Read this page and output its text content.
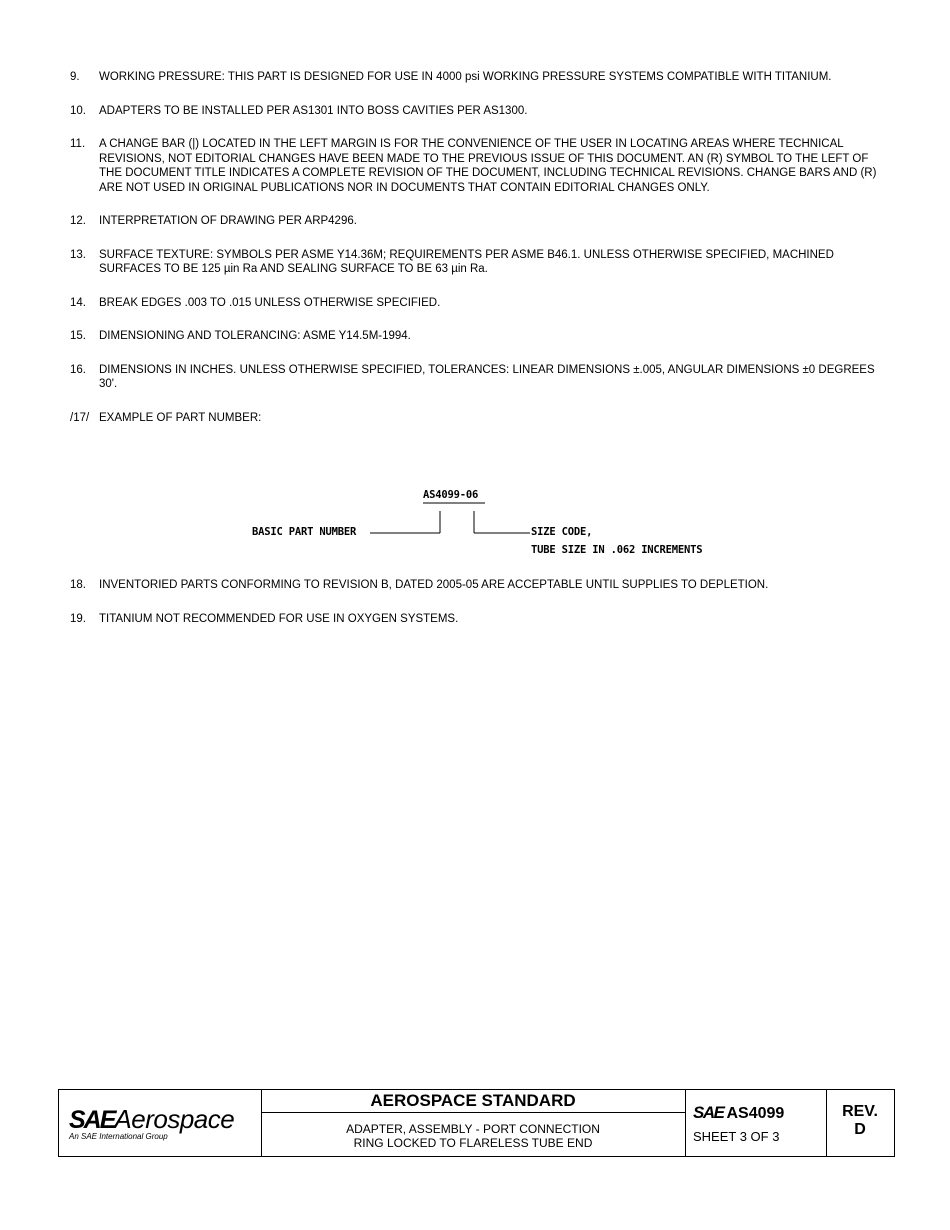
9.	WORKING PRESSURE: THIS PART IS DESIGNED FOR USE IN 4000 psi WORKING PRESSURE SYSTEMS COMPATIBLE WITH TITANIUM.
10.	ADAPTERS TO BE INSTALLED PER AS1301 INTO BOSS CAVITIES PER AS1300.
11.	A CHANGE BAR (|) LOCATED IN THE LEFT MARGIN IS FOR THE CONVENIENCE OF THE USER IN LOCATING AREAS WHERE TECHNICAL REVISIONS, NOT EDITORIAL CHANGES HAVE BEEN MADE TO THE PREVIOUS ISSUE OF THIS DOCUMENT. AN (R) SYMBOL TO THE LEFT OF THE DOCUMENT TITLE INDICATES A COMPLETE REVISION OF THE DOCUMENT, INCLUDING TECHNICAL REVISIONS. CHANGE BARS AND (R) ARE NOT USED IN ORIGINAL PUBLICATIONS NOR IN DOCUMENTS THAT CONTAIN EDITORIAL CHANGES ONLY.
12.	INTERPRETATION OF DRAWING PER ARP4296.
13.	SURFACE TEXTURE: SYMBOLS PER ASME Y14.36M; REQUIREMENTS PER ASME B46.1. UNLESS OTHERWISE SPECIFIED, MACHINED SURFACES TO BE 125 µin Ra AND SEALING SURFACE TO BE 63 µin Ra.
14.	BREAK EDGES .003 TO .015 UNLESS OTHERWISE SPECIFIED.
15.	DIMENSIONING AND TOLERANCING: ASME Y14.5M-1994.
16.	DIMENSIONS IN INCHES. UNLESS OTHERWISE SPECIFIED, TOLERANCES: LINEAR DIMENSIONS ±.005, ANGULAR DIMENSIONS ±0 DEGREES 30'.
/17/ EXAMPLE OF PART NUMBER:
AS4099-06
BASIC PART NUMBER	SIZE CODE,
TUBE SIZE IN .062 INCREMENTS
18.	INVENTORIED PARTS CONFORMING TO REVISION B, DATED 2005-05 ARE ACCEPTABLE UNTIL SUPPLIES TO DEPLETION.
19.	TITANIUM NOT RECOMMENDED FOR USE IN OXYGEN SYSTEMS.
SAEAerospace
An SAE International Group
AEROSPACE STANDARD
ADAPTER, ASSEMBLY - PORT CONNECTION
RING LOCKED TO FLARELESS TUBE END
SAE AS4099
SHEET 3 OF 3
REV.
D
